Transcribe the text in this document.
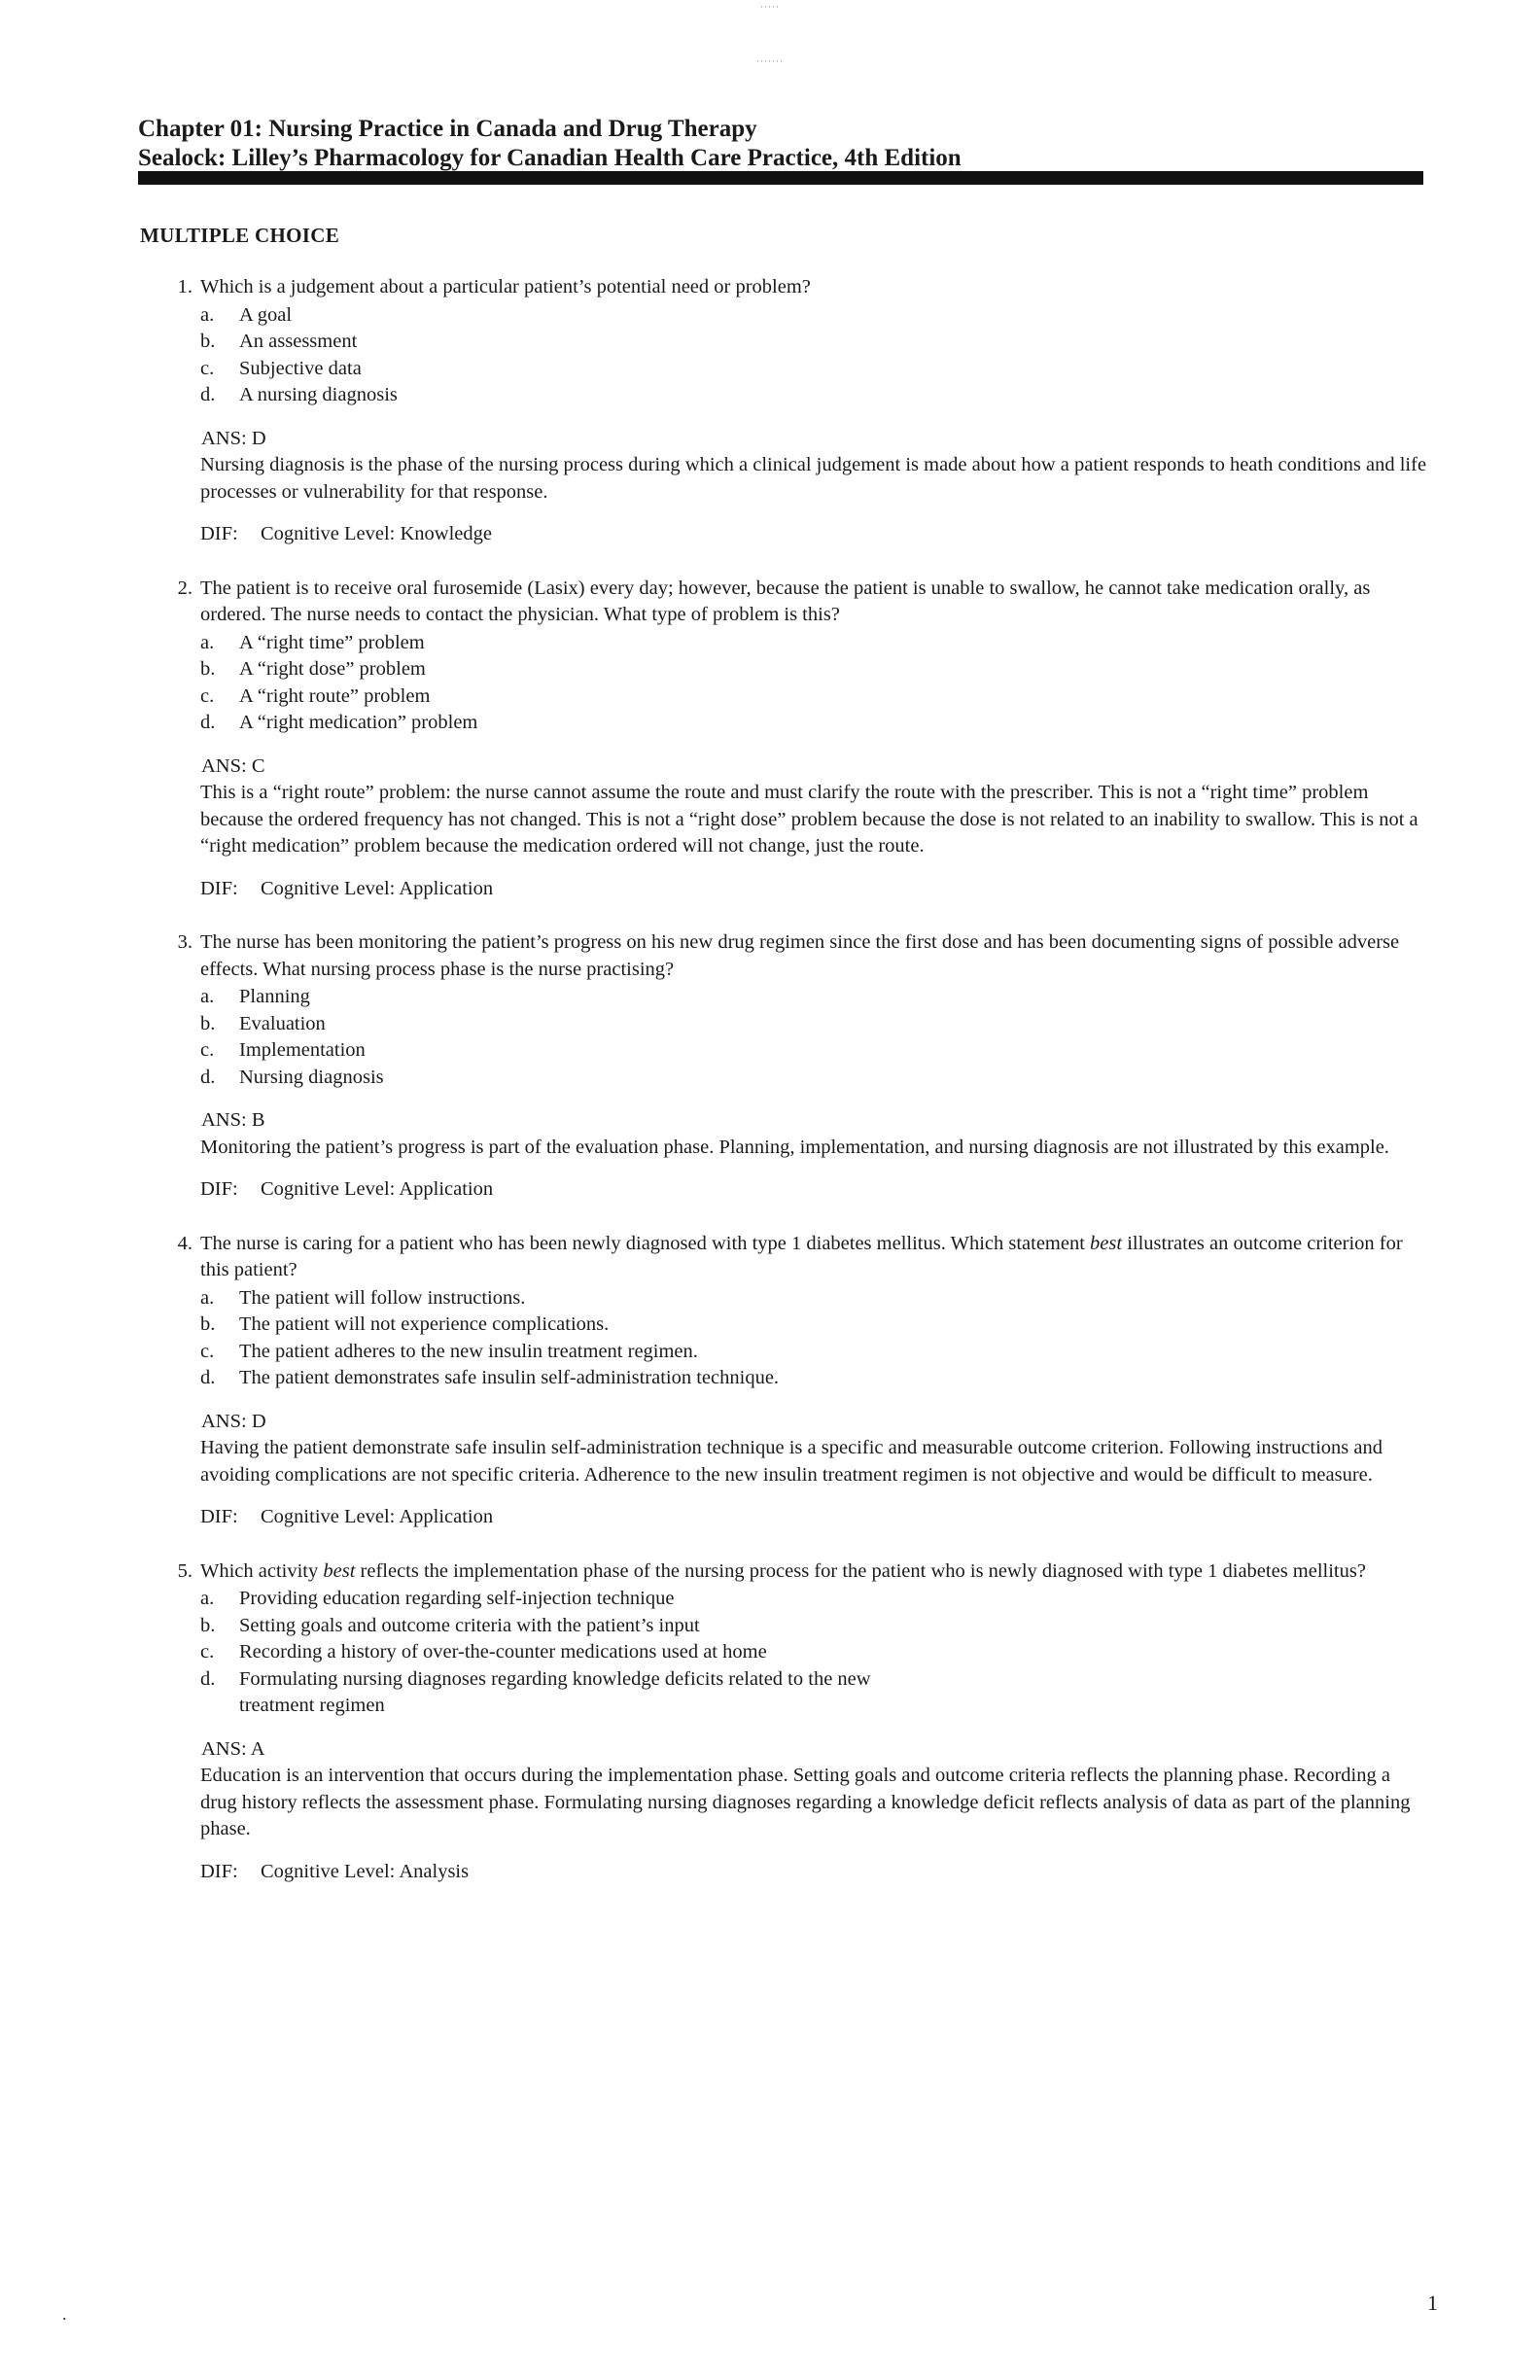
·····
·······
Chapter 01: Nursing Practice in Canada and Drug Therapy
Sealock: Lilley’s Pharmacology for Canadian Health Care Practice, 4th Edition
MULTIPLE CHOICE
1. Which is a judgement about a particular patient’s potential need or problem?

a. A goal
b. An assessment
c. Subjective data
d. A nursing diagnosis
ANS: D

Nursing diagnosis is the phase of the nursing process during which a clinical judgement is made about how a patient responds to heath conditions and life processes or vulnerability for that response.

DIF: Cognitive Level: Knowledge
2. The patient is to receive oral furosemide (Lasix) every day; however, because the patient is unable to swallow, he cannot take medication orally, as ordered. The nurse needs to contact the physician. What type of problem is this?

a. A “right time” problem
b. A “right dose” problem
c. A “right route” problem
d. A “right medication” problem
ANS: C

This is a “right route” problem: the nurse cannot assume the route and must clarify the route with the prescriber. This is not a “right time” problem because the ordered frequency has not changed. This is not a “right dose” problem because the dose is not related to an inability to swallow. This is not a “right medication” problem because the medication ordered will not change, just the route.

DIF: Cognitive Level: Application
3. The nurse has been monitoring the patient’s progress on his new drug regimen since the first dose and has been documenting signs of possible adverse effects. What nursing process phase is the nurse practising?

a. Planning
b. Evaluation
c. Implementation
d. Nursing diagnosis
ANS: B

Monitoring the patient’s progress is part of the evaluation phase. Planning, implementation, and nursing diagnosis are not illustrated by this example.

DIF: Cognitive Level: Application
4. The nurse is caring for a patient who has been newly diagnosed with type 1 diabetes mellitus. Which statement best illustrates an outcome criterion for this patient?

a. The patient will follow instructions.
b. The patient will not experience complications.
c. The patient adheres to the new insulin treatment regimen.
d. The patient demonstrates safe insulin self-administration technique.
ANS: D

Having the patient demonstrate safe insulin self-administration technique is a specific and measurable outcome criterion. Following instructions and avoiding complications are not specific criteria. Adherence to the new insulin treatment regimen is not objective and would be difficult to measure.

DIF: Cognitive Level: Application
5. Which activity best reflects the implementation phase of the nursing process for the patient who is newly diagnosed with type 1 diabetes mellitus?

a. Providing education regarding self-injection technique
b. Setting goals and outcome criteria with the patient’s input
c. Recording a history of over-the-counter medications used at home
d. Formulating nursing diagnoses regarding knowledge deficits related to the new
treatment regimen
ANS: A

Education is an intervention that occurs during the implementation phase. Setting goals and outcome criteria reflects the planning phase. Recording a drug history reflects the assessment phase. Formulating nursing diagnoses regarding a knowledge deficit reflects analysis of data as part of the planning phase.

DIF: Cognitive Level: Analysis
.	1
